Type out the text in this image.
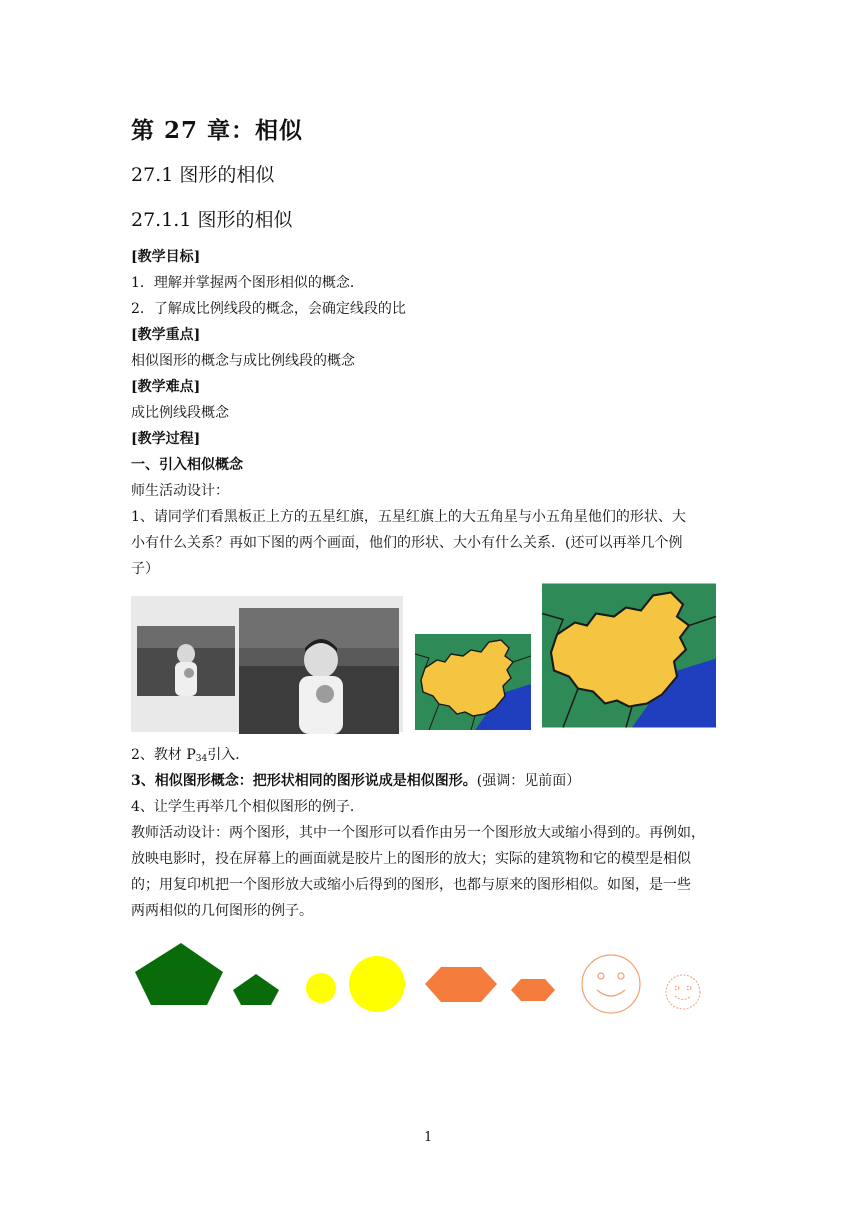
第 27 章：相似
27.1 图形的相似
27.1.1 图形的相似
[教学目标]
1．理解并掌握两个图形相似的概念．
2．了解成比例线段的概念，会确定线段的比
[教学重点]
相似图形的概念与成比例线段的概念
[教学难点]
成比例线段概念
[教学过程]
一、引入相似概念
师生活动设计：
1、请同学们看黑板正上方的五星红旗，五星红旗上的大五角星与小五角星他们的形状、大
小有什么关系？再如下图的两个画面，他们的形状、大小有什么关系．(还可以再举几个例
子）
2、教材 $P_{34}$引入．
3、相似图形概念：把形状相同的图形说成是相似图形。(强调：见前面）
4、让学生再举几个相似图形的例子．
教师活动设计：两个图形，其中一个图形可以看作由另一个图形放大或缩小得到的。再例如，
放映电影时，投在屏幕上的画面就是胶片上的图形的放大；实际的建筑物和它的模型是相似
的；用复印机把一个图形放大或缩小后得到的图形，也都与原来的图形相似。如图，是一些
两两相似的几何图形的例子。
1
